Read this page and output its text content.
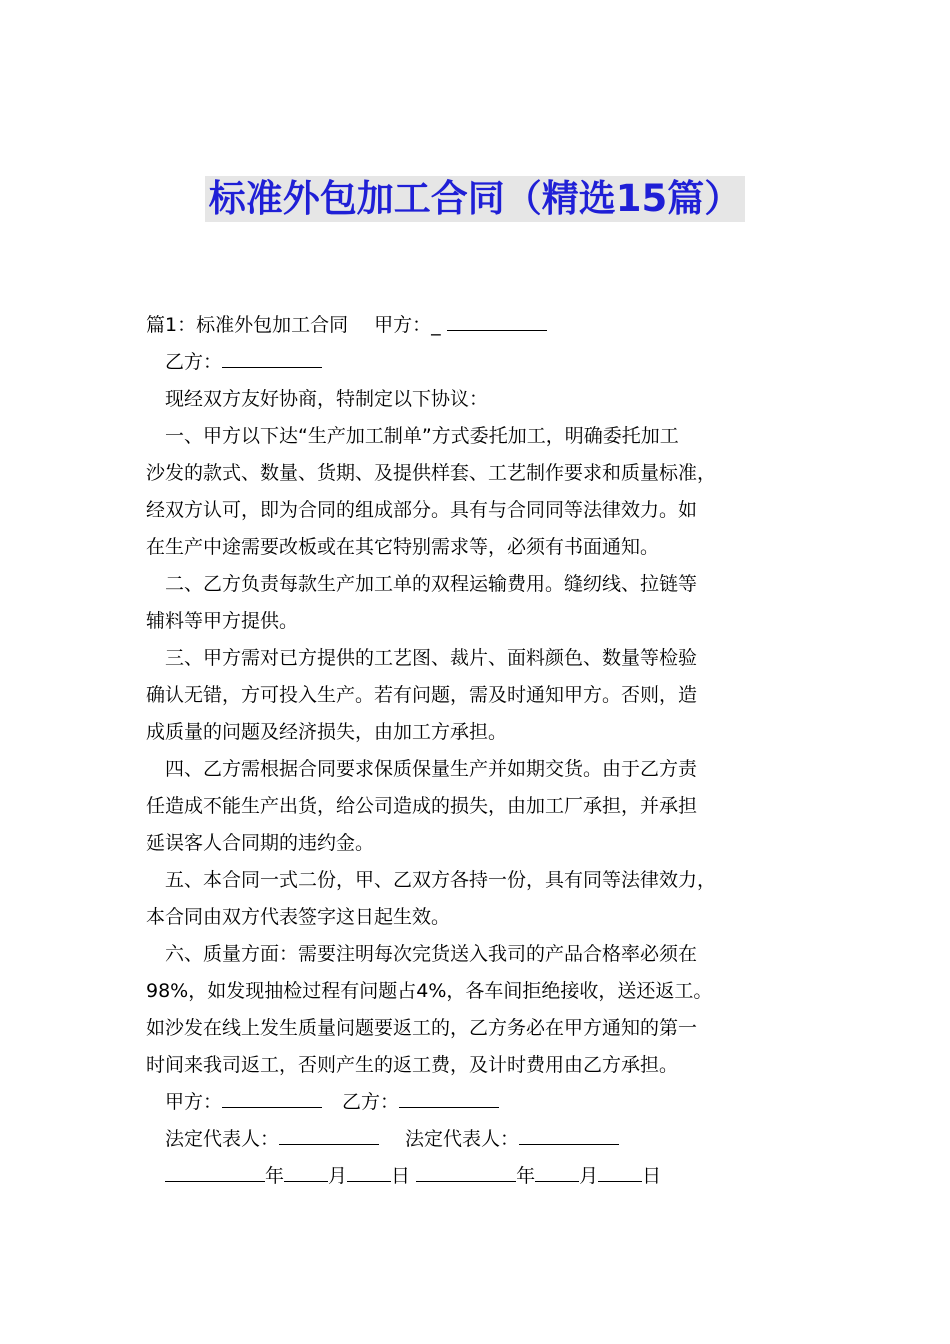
标准外包加工合同（精选15篇）
篇1：标准外包加工合同 甲方：_
乙方：
现经双方友好协商，特制定以下协议：
一、甲方以下达“生产加工制单”方式委托加工，明确委托加工
沙发的款式、数量、货期、及提供样套、工艺制作要求和质量标准，
经双方认可，即为合同的组成部分。具有与合同同等法律效力。如
在生产中途需要改板或在其它特别需求等，必须有书面通知。
二、乙方负责每款生产加工单的双程运输费用。缝纫线、拉链等
辅料等甲方提供。
三、甲方需对已方提供的工艺图、裁片、面料颜色、数量等检验
确认无错，方可投入生产。若有问题，需及时通知甲方。否则，造
成质量的问题及经济损失，由加工方承担。
四、乙方需根据合同要求保质保量生产并如期交货。由于乙方责
任造成不能生产出货，给公司造成的损失，由加工厂承担，并承担
延误客人合同期的违约金。
五、本合同一式二份，甲、乙双方各持一份，具有同等法律效力，
本合同由双方代表签字这日起生效。
六、质量方面：需要注明每次完货送入我司的产品合格率必须在
98%，如发现抽检过程有问题占4%，各车间拒绝接收，送还返工。
如沙发在线上发生质量问题要返工的，乙方务必在甲方通知的第一
时间来我司返工，否则产生的返工费，及计时费用由乙方承担。
甲方：	乙方：
法定代表人：	法定代表人：
年 月 日	年 月 日
